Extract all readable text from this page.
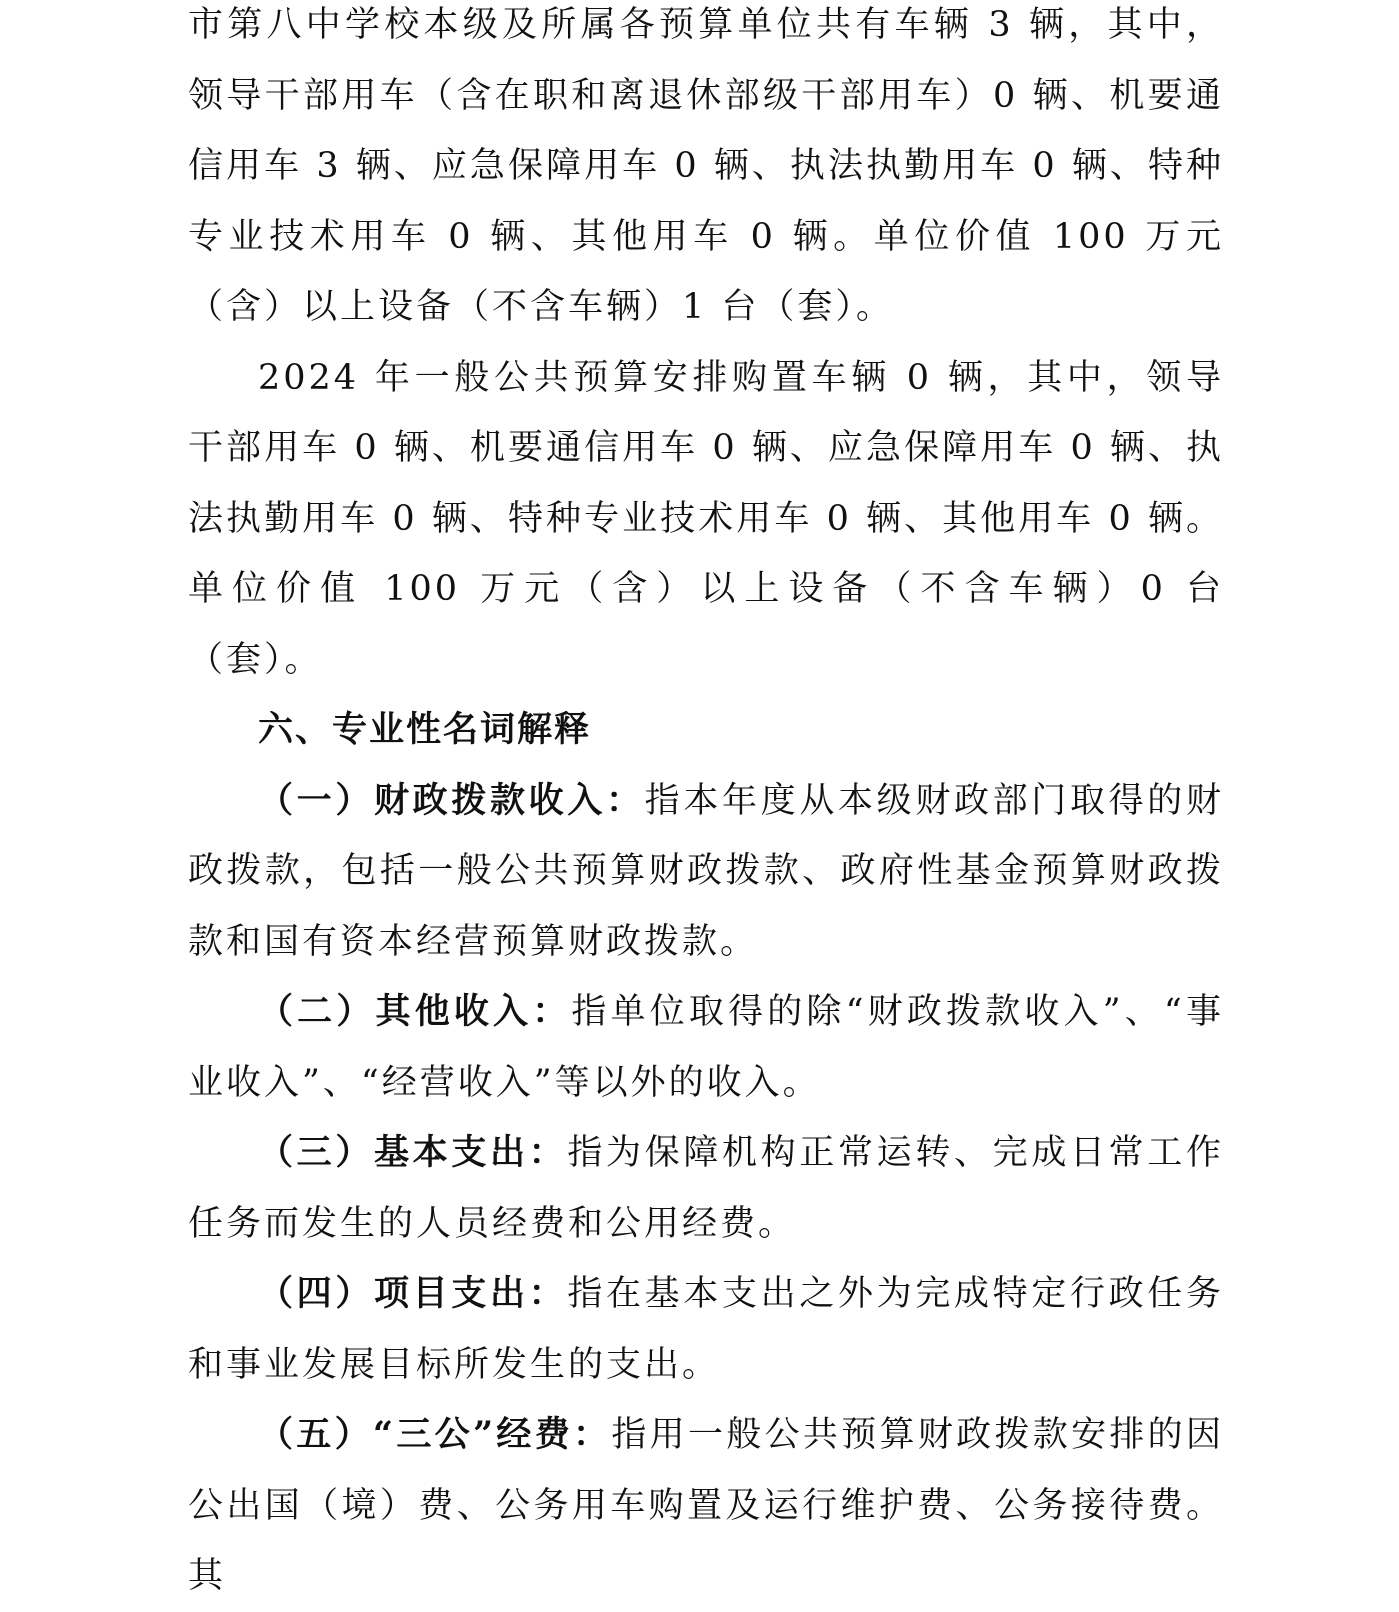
市第八中学校本级及所属各预算单位共有车辆 3 辆，其中，领导干部用车（含在职和离退休部级干部用车）0 辆、机要通信用车 3 辆、应急保障用车 0 辆、执法执勤用车 0 辆、特种专业技术用车 0 辆、其他用车 0 辆。单位价值 100 万元（含）以上设备（不含车辆）1 台（套）。

2024 年一般公共预算安排购置车辆 0 辆，其中，领导干部用车 0 辆、机要通信用车 0 辆、应急保障用车 0 辆、执法执勤用车 0 辆、特种专业技术用车 0 辆、其他用车 0 辆。单位价值 100 万元（含）以上设备（不含车辆）0 台（套）。

六、专业性名词解释

（一）财政拨款收入：指本年度从本级财政部门取得的财政拨款，包括一般公共预算财政拨款、政府性基金预算财政拨款和国有资本经营预算财政拨款。

（二）其他收入：指单位取得的除“财政拨款收入”、“事业收入”、“经营收入”等以外的收入。

（三）基本支出：指为保障机构正常运转、完成日常工作任务而发生的人员经费和公用经费。

（四）项目支出：指在基本支出之外为完成特定行政任务和事业发展目标所发生的支出。

（五）“三公”经费：指用一般公共预算财政拨款安排的因公出国（境）费、公务用车购置及运行维护费、公务接待费。其
